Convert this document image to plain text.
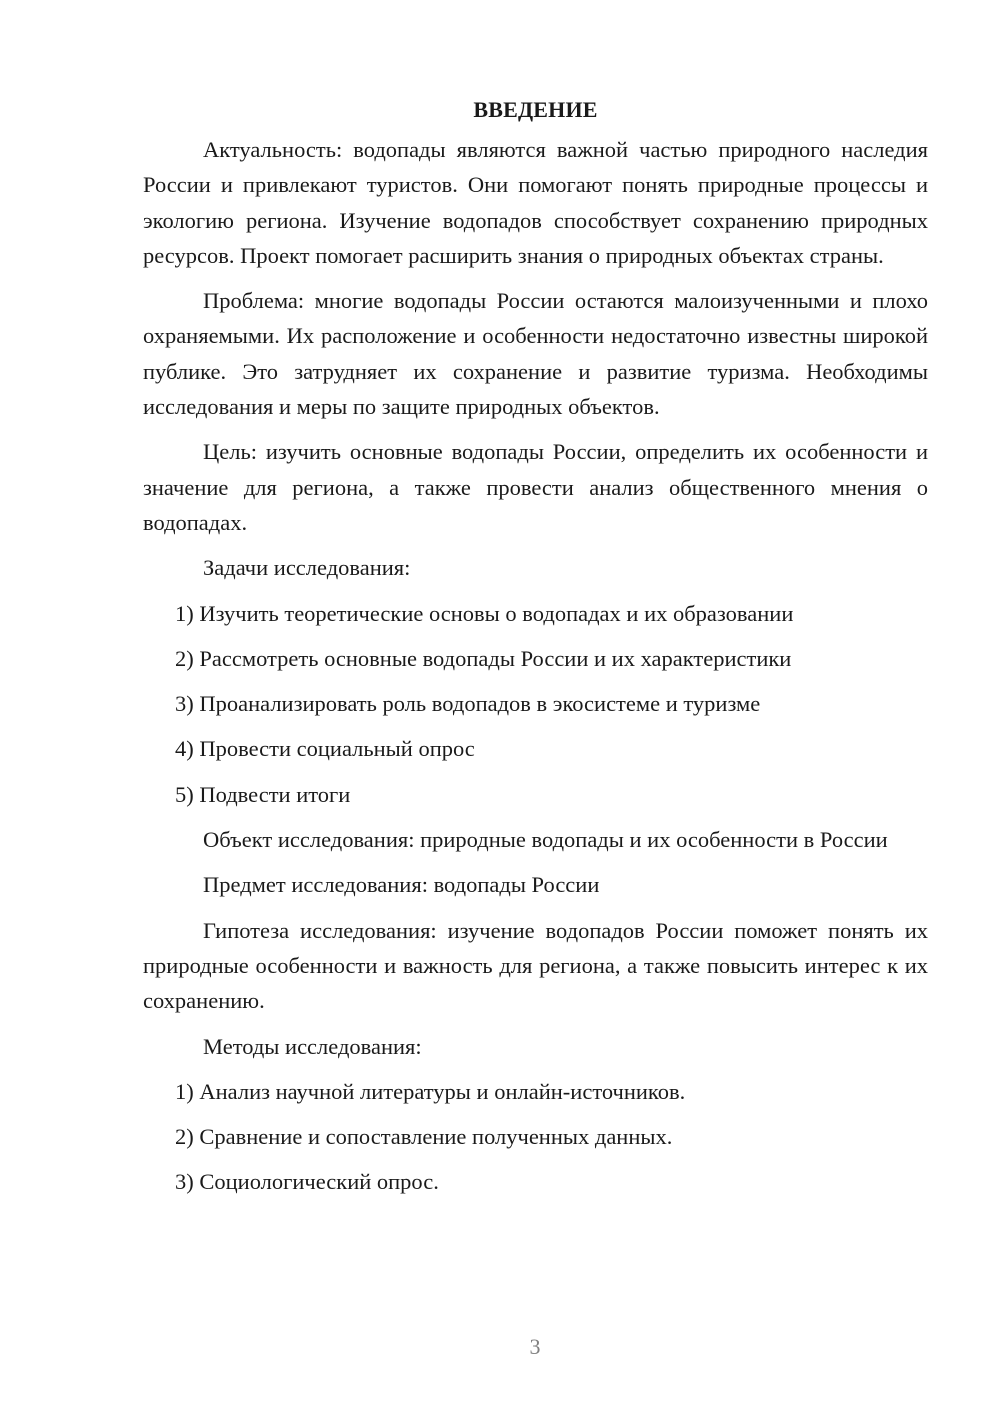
ВВЕДЕНИЕ

Актуальность: водопады являются важной частью природного наследия России и привлекают туристов. Они помогают понять природные процессы и экологию региона. Изучение водопадов способствует сохранению природных ресурсов. Проект помогает расширить знания о природных объектах страны.

Проблема: многие водопады России остаются малоизученными и плохо охраняемыми. Их расположение и особенности недостаточно известны широкой публике. Это затрудняет их сохранение и развитие туризма. Необходимы исследования и меры по защите природных объектов.

Цель: изучить основные водопады России, определить их особенности и значение для региона, а также провести анализ общественного мнения о водопадах.

Задачи исследования:

1) Изучить теоретические основы о водопадах и их образовании
2) Рассмотреть основные водопады России и их характеристики
3) Проанализировать роль водопадов в экосистеме и туризме
4) Провести социальный опрос
5) Подвести итоги

Объект исследования: природные водопады и их особенности в России

Предмет исследования: водопады России

Гипотеза исследования: изучение водопадов России поможет понять их природные особенности и важность для региона, а также повысить интерес к их сохранению.

Методы исследования:

1) Анализ научной литературы и онлайн-источников.
2) Сравнение и сопоставление полученных данных.
3) Социологический опрос.
3
